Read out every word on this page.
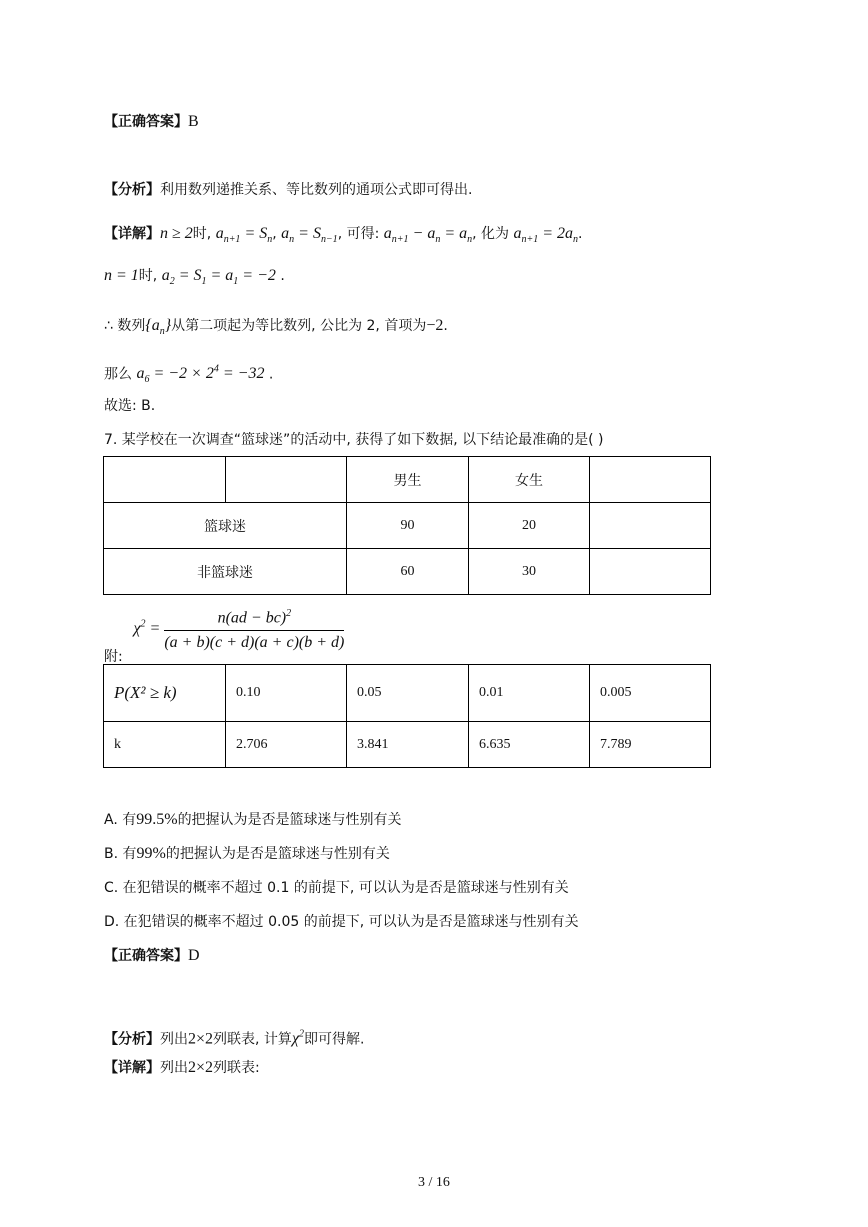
【正确答案】B
【分析】利用数列递推关系、等比数列的通项公式即可得出.
【详解】n ≥ 2时, $a_{n+1} = S_n$, $a_n = S_{n-1}$, 可得: $a_{n+1} - a_n = a_n$, 化为 $a_{n+1} = 2a_n$.
n = 1时, $a_2 = S_1 = a_1 = -2$ .
∴ 数列$\{a_n\}$从第二项起为等比数列, 公比为 2, 首项为−2.
那么 $a_6 = -2 \times 2^4 = -32$ .
故选: B.
7. 某学校在一次调查“篮球迷”的活动中, 获得了如下数据, 以下结论最准确的是( )
		男生	女生	
篮球迷		90	20	
非篮球迷		60	30	
附: $\chi^2 = \frac{n(ad - bc)^2}{(a + b)(c + d)(a + c)(b + d)}$
P(X² ≥ k)	0.10	0.05	0.01	0.005
k	2.706	3.841	6.635	7.789
A. 有99.5%的把握认为是否是篮球迷与性别有关
B. 有99%的把握认为是否是篮球迷与性别有关
C. 在犯错误的概率不超过 0.1 的前提下, 可以认为是否是篮球迷与性别有关
D. 在犯错误的概率不超过 0.05 的前提下, 可以认为是否是篮球迷与性别有关
【正确答案】D
【分析】列出2×2列联表, 计算$\chi^2$即可得解.
【详解】列出2×2列联表:
3 / 16
